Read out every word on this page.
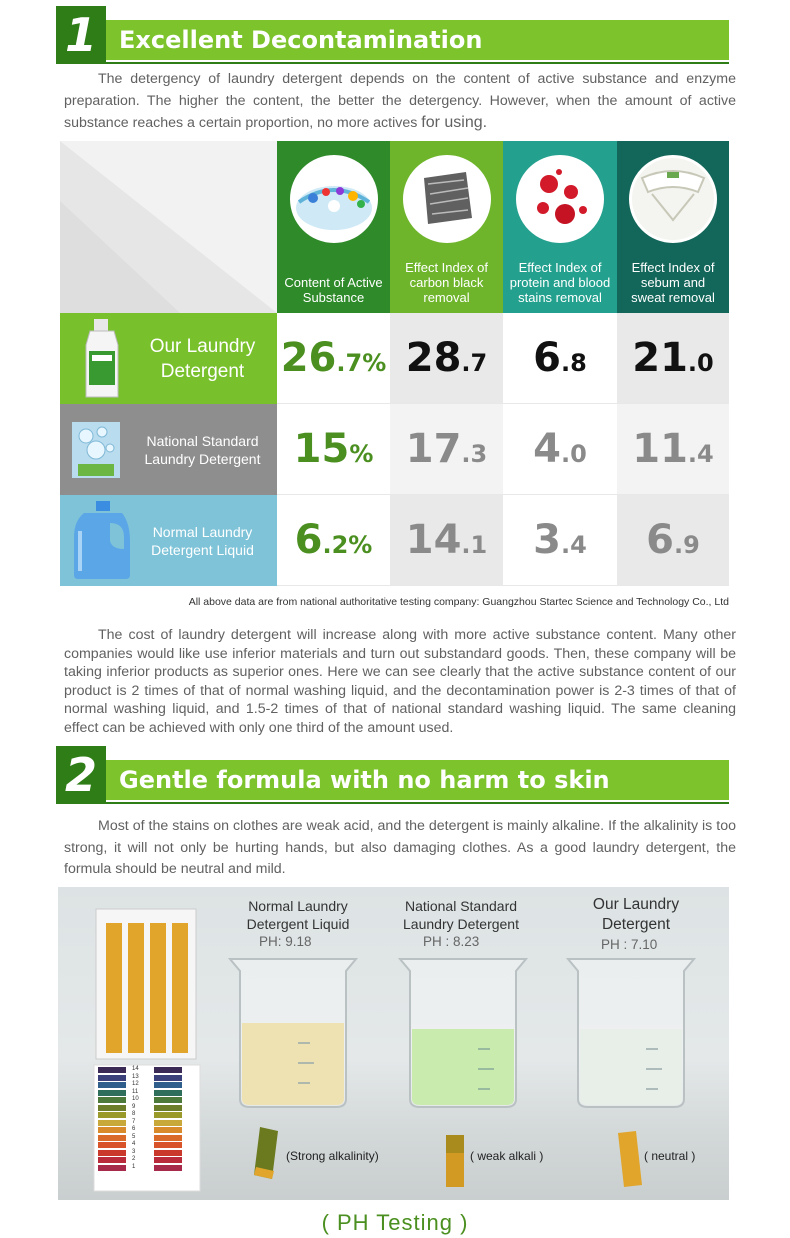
1 Excellent Decontamination
The detergency of laundry detergent depends on the content of active substance and enzyme preparation. The higher the content, the better the detergency. However, when the amount of active substance reaches a certain proportion, no more actives for using.
Content of Active Substance
Effect Index of carbon black removal
Effect Index of protein and blood stains removal
Effect Index of sebum and sweat removal
Our Laundry Detergent 26.7% 28.7	6.8	21.0
National Standard Laundry Detergent 15% 17.3	4.0	11.4
Normal Laundry Detergent Liquid	6.2% 14.1	3.4	6.9
All above data are from national authoritative testing company: Guangzhou Startec Science and Technology Co., Ltd
The cost of laundry detergent will increase along with more active substance content. Many other companies would like use inferior materials and turn out substandard goods. Then, these company will be taking inferior products as superior ones. Here we can see clearly that the active substance content of our product is 2 times of that of normal washing liquid, and the decontamination power is 2-3 times of that of normal washing liquid, and 1.5-2 times of that of national standard washing liquid. The same cleaning effect can be achieved with only one third of the amount used.
2 Gentle formula with no harm to skin
Most of the stains on clothes are weak acid, and the detergent is mainly alkaline. If the alkalinity is too strong, it will not only be hurting hands, but also damaging clothes. As a good laundry detergent, the formula should be neutral and mild.
14
13
12
11
10
9
8
7
6
5
4
3
2
1
Normal Laundry
Detergent Liquid
PH: 9.18
National Standard
Laundry Detergent
PH : 8.23
Our Laundry
Detergent
PH : 7.10
(Strong alkalinity)	( weak alkali )	( neutral )
( PH Testing )
